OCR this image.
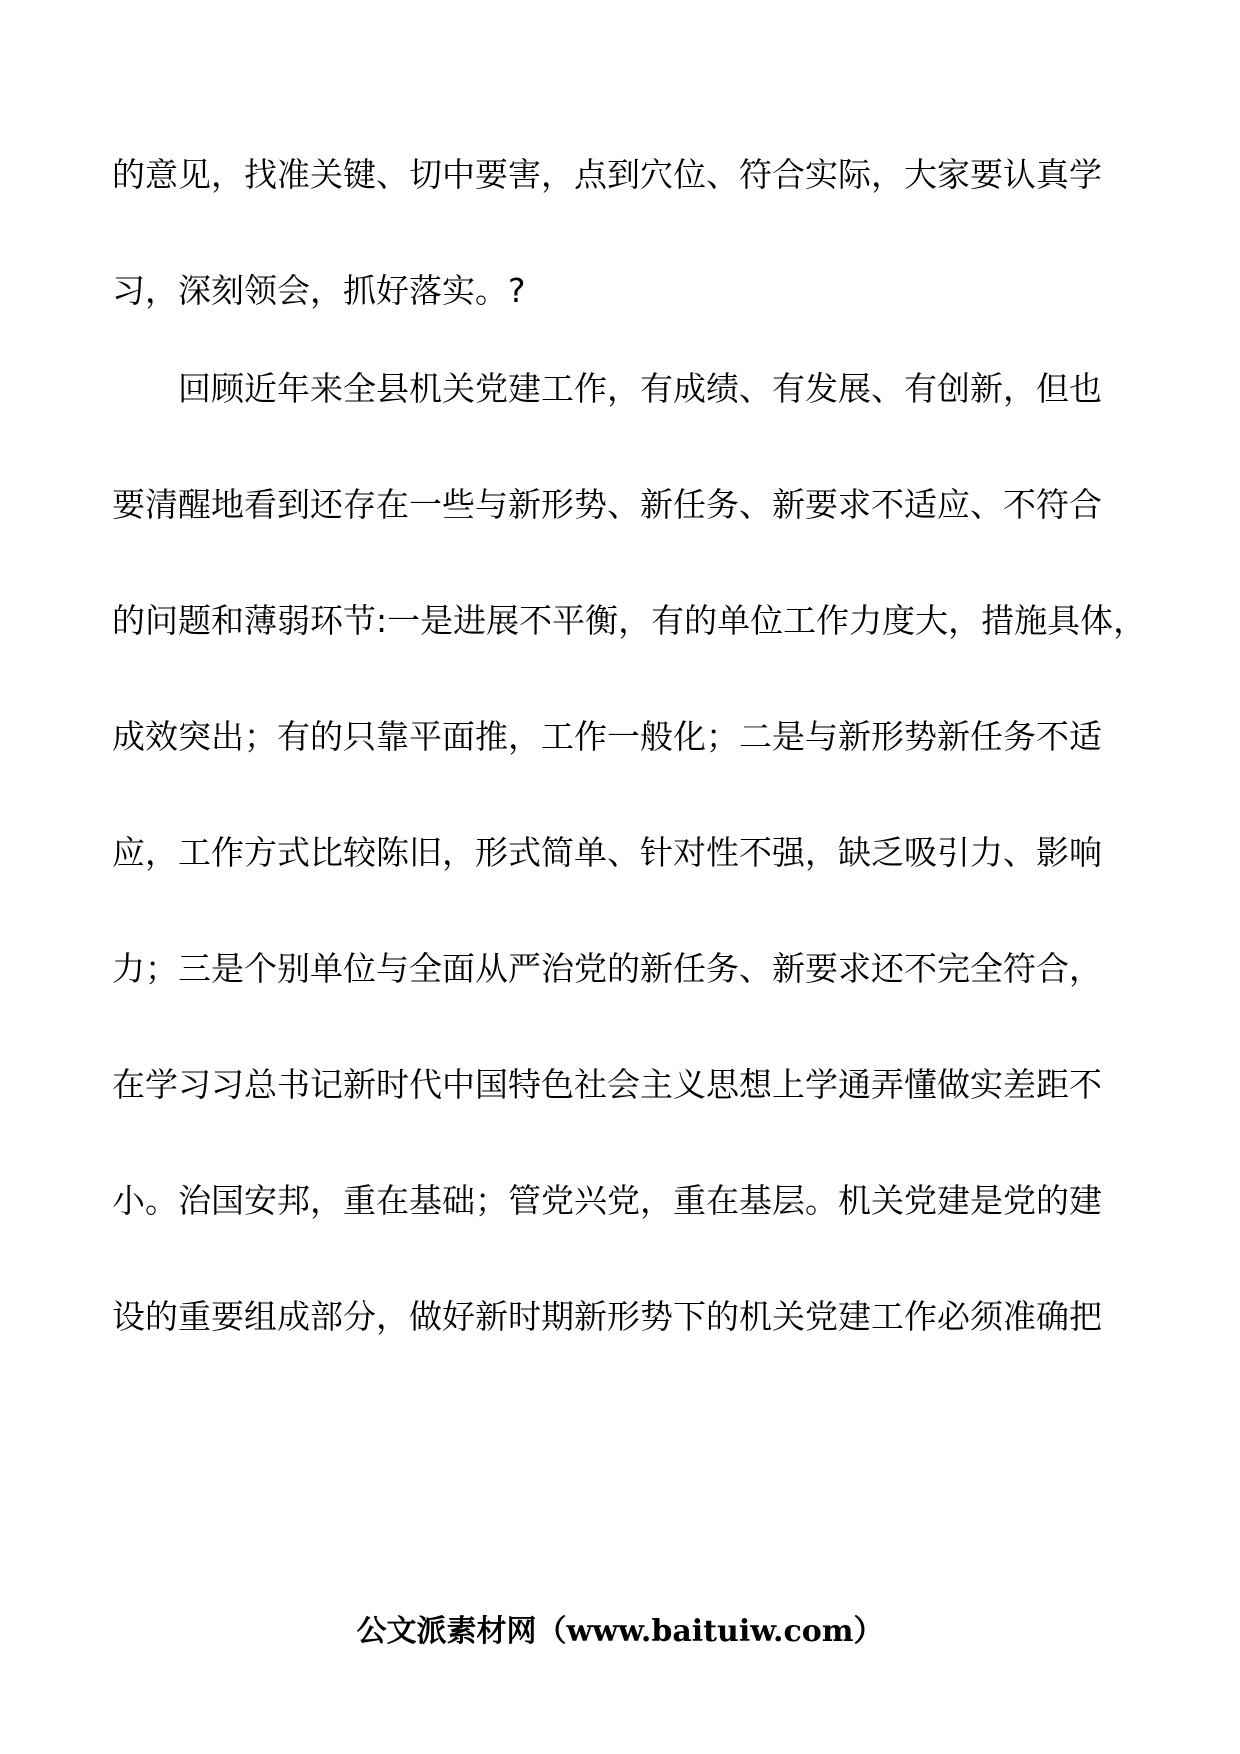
的意见，找准关键、切中要害，点到穴位、符合实际，大家要认真学
习，深刻领会，抓好落实。?
　　回顾近年来全县机关党建工作，有成绩、有发展、有创新，但也
要清醒地看到还存在一些与新形势、新任务、新要求不适应、不符合
的问题和薄弱环节:一是进展不平衡，有的单位工作力度大，措施具体，
成效突出；有的只靠平面推，工作一般化；二是与新形势新任务不适
应，工作方式比较陈旧，形式简单、针对性不强，缺乏吸引力、影响
力；三是个别单位与全面从严治党的新任务、新要求还不完全符合，
在学习习总书记新时代中国特色社会主义思想上学通弄懂做实差距不
小。治国安邦，重在基础；管党兴党，重在基层。机关党建是党的建
设的重要组成部分，做好新时期新形势下的机关党建工作必须准确把
公文派素材网（www.baituiw.com）
